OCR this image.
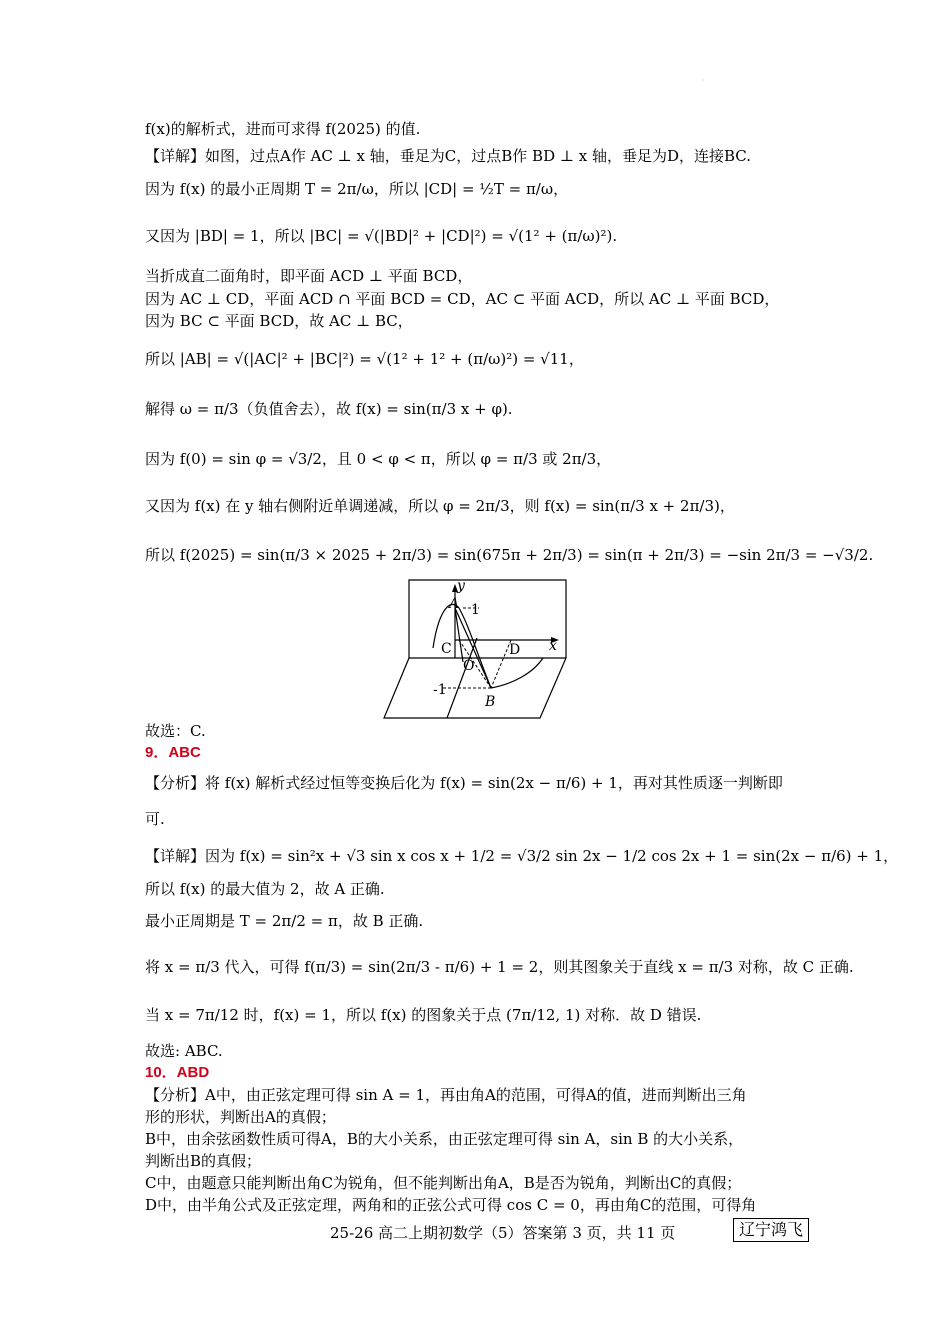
·
f(x)的解析式，进而可求得 f(2025) 的值.
【详解】如图，过点A作 AC ⊥ x 轴，垂足为C，过点B作 BD ⊥ x 轴，垂足为D，连接BC.
因为 f(x) 的最小正周期 T = 2π/ω，所以 |CD| = ½T = π/ω，
又因为 |BD| = 1，所以 |BC| = √(|BD|² + |CD|²) = √(1² + (π/ω)²).
当折成直二面角时，即平面 ACD ⊥ 平面 BCD，
因为 AC ⊥ CD，平面 ACD ∩ 平面 BCD = CD，AC ⊂ 平面 ACD，所以 AC ⊥ 平面 BCD，
因为 BC ⊂ 平面 BCD，故 AC ⊥ BC，
所以 |AB| = √(|AC|² + |BC|²) = √(1² + 1² + (π/ω)²) = √11，
解得 ω = π/3（负值舍去），故 f(x) = sin(π/3 x + φ).
因为 f(0) = sin φ = √3/2，且 0 < φ < π，所以 φ = π/3 或 2π/3，
又因为 f(x) 在 y 轴右侧附近单调递减，所以 φ = 2π/3，则 f(x) = sin(π/3 x + 2π/3)，
所以 f(2025) = sin(π/3 × 2025 + 2π/3) = sin(675π + 2π/3) = sin(π + 2π/3) = −sin 2π/3 = −√3/2.
y
A 1
C
O
D x
-1
B
故选：C.
9．ABC
【分析】将 f(x) 解析式经过恒等变换后化为 f(x) = sin(2x − π/6) + 1，再对其性质逐一判断即
可.
【详解】因为 f(x) = sin²x + √3 sin x cos x + 1/2 = √3/2 sin 2x − 1/2 cos 2x + 1 = sin(2x − π/6) + 1，
所以 f(x) 的最大值为 2，故 A 正确.
最小正周期是 T = 2π/2 = π，故 B 正确.
将 x = π/3 代入，可得 f(π/3) = sin(2π/3 - π/6) + 1 = 2，则其图象关于直线 x = π/3 对称，故 C 正确.
当 x = 7π/12 时，f(x) = 1，所以 f(x) 的图象关于点 (7π/12, 1) 对称．故 D 错误.
故选: ABC.
10．ABD
【分析】A中，由正弦定理可得 sin A = 1，再由角A的范围，可得A的值，进而判断出三角
形的形状，判断出A的真假；
B中，由余弦函数性质可得A，B的大小关系，由正弦定理可得 sin A，sin B 的大小关系，
判断出B的真假；
C中，由题意只能判断出角C为锐角，但不能判断出角A，B是否为锐角，判断出C的真假；
D中，由半角公式及正弦定理，两角和的正弦公式可得 cos C = 0，再由角C的范围，可得角
25-26 高二上期初数学（5）答案第 3 页，共 11 页	辽宁鸿飞
